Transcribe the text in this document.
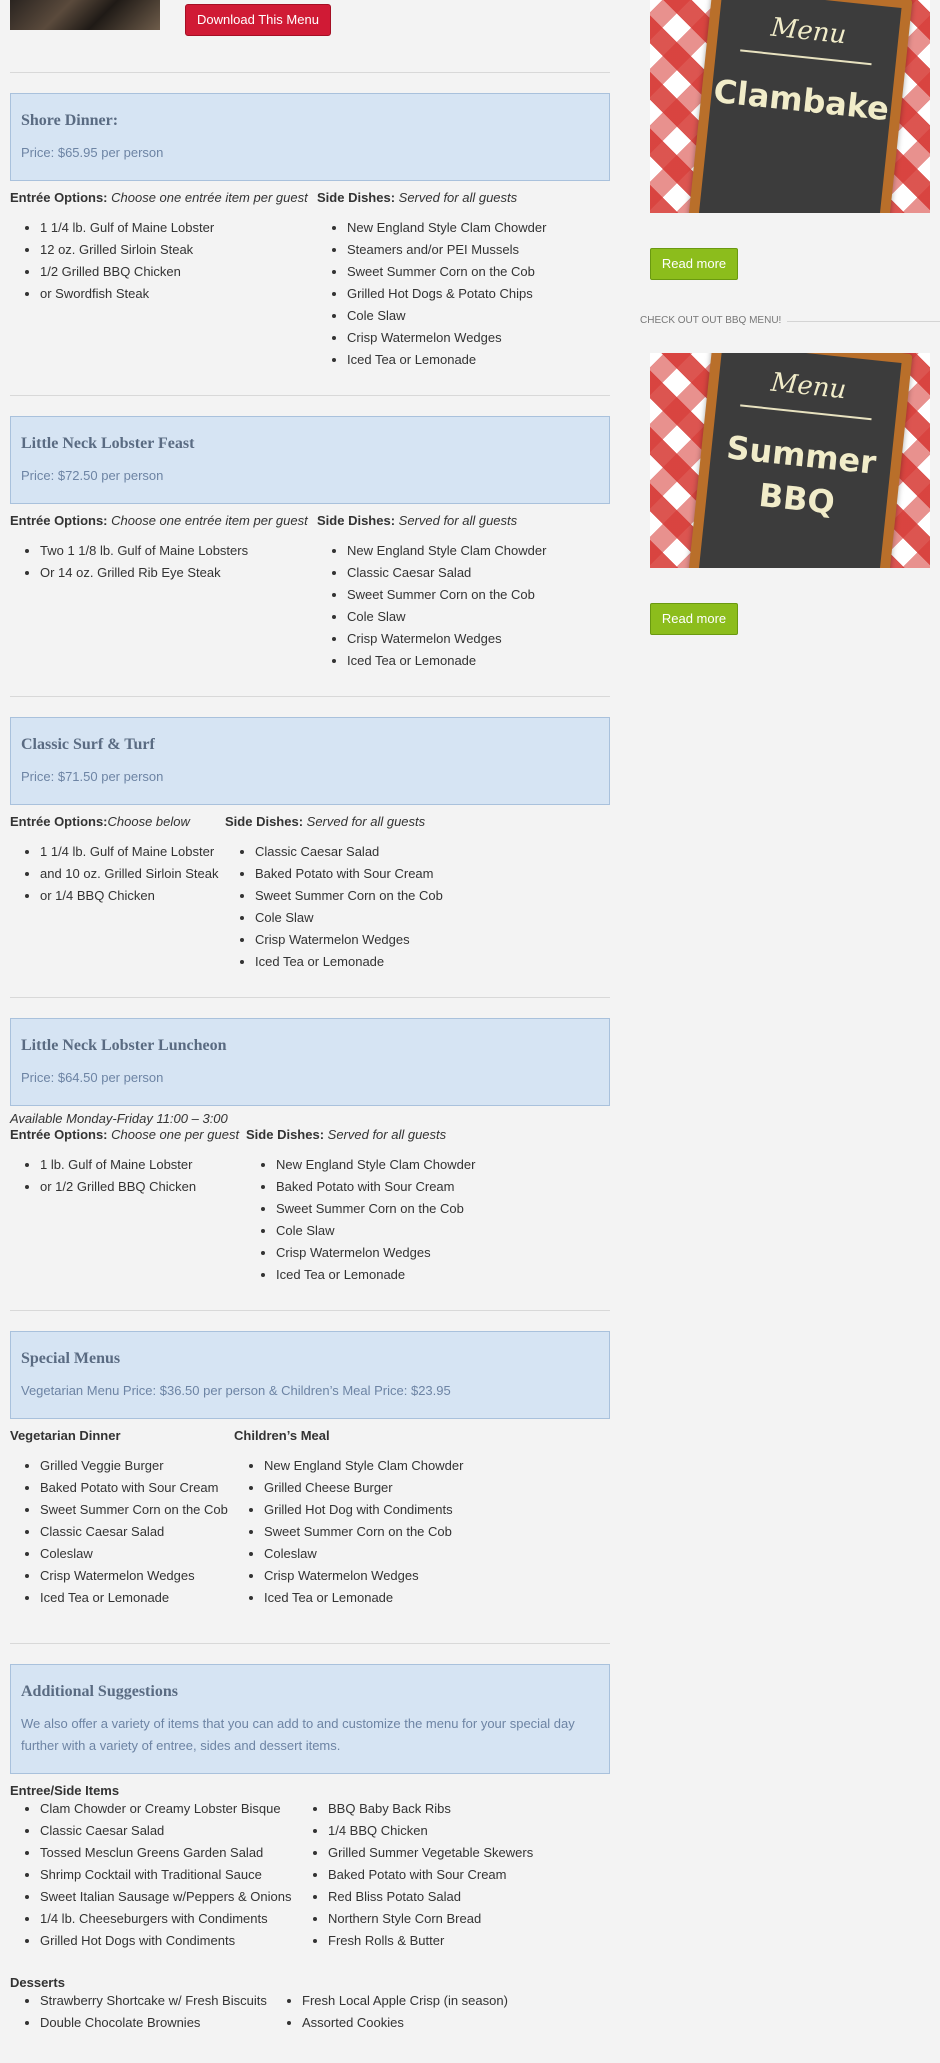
Download This Menu
Shore Dinner:

Price: $65.95 per person

Entrée Options: Choose one entrée item per guest Side Dishes: Served for all guests
• 1 1/4 lb. Gulf of Maine Lobster
• 12 oz. Grilled Sirloin Steak
• 1/2 Grilled BBQ Chicken
• or Swordfish Steak
• New England Style Clam Chowder
• Steamers and/or PEI Mussels
• Sweet Summer Corn on the Cob
• Grilled Hot Dogs & Potato Chips
• Cole Slaw
• Crisp Watermelon Wedges
• Iced Tea or Lemonade
Little Neck Lobster Feast

Price: $72.50 per person

Entrée Options: Choose one entrée item per guest Side Dishes: Served for all guests
• Two 1 1/8 lb. Gulf of Maine Lobsters
• Or 14 oz. Grilled Rib Eye Steak
• New England Style Clam Chowder
• Classic Caesar Salad
• Sweet Summer Corn on the Cob
• Cole Slaw
• Crisp Watermelon Wedges
• Iced Tea or Lemonade
Classic Surf & Turf

Price: $71.50 per person

Entrée Options:Choose below	Side Dishes: Served for all guests
• 1 1/4 lb. Gulf of Maine Lobster
• and 10 oz. Grilled Sirloin Steak
• or 1/4 BBQ Chicken
• Classic Caesar Salad
• Baked Potato with Sour Cream
• Sweet Summer Corn on the Cob
• Cole Slaw
• Crisp Watermelon Wedges
• Iced Tea or Lemonade
Little Neck Lobster Luncheon

Price: $64.50 per person

Available Monday-Friday 11:00 – 3:00
Entrée Options: Choose one per guest Side Dishes: Served for all guests
• 1 lb. Gulf of Maine Lobster
• or 1/2 Grilled BBQ Chicken
• New England Style Clam Chowder
• Baked Potato with Sour Cream
• Sweet Summer Corn on the Cob
• Cole Slaw
• Crisp Watermelon Wedges
• Iced Tea or Lemonade
Special Menus

Vegetarian Menu Price: $36.50 per person & Children’s Meal Price: $23.95

Vegetarian Dinner	Children’s Meal
• Grilled Veggie Burger
• Baked Potato with Sour Cream
• Sweet Summer Corn on the Cob
• Classic Caesar Salad
• Coleslaw
• Crisp Watermelon Wedges
• Iced Tea or Lemonade
• New England Style Clam Chowder
• Grilled Cheese Burger
• Grilled Hot Dog with Condiments
• Sweet Summer Corn on the Cob
• Coleslaw
• Crisp Watermelon Wedges
• Iced Tea or Lemonade
Additional Suggestions

We also offer a variety of items that you can add to and customize the menu for your special day further with a variety of entree, sides and dessert items.

Entree/Side Items
• Clam Chowder or Creamy Lobster Bisque
• Classic Caesar Salad
• Tossed Mesclun Greens Garden Salad
• Shrimp Cocktail with Traditional Sauce
• Sweet Italian Sausage w/Peppers & Onions
• 1/4 lb. Cheeseburgers with Condiments
• Grilled Hot Dogs with Condiments
• BBQ Baby Back Ribs
• 1/4 BBQ Chicken
• Grilled Summer Vegetable Skewers
• Baked Potato with Sour Cream
• Red Bliss Potato Salad
• Northern Style Corn Bread
• Fresh Rolls & Butter
Desserts
• Strawberry Shortcake w/ Fresh Biscuits
• Double Chocolate Brownies
• Fresh Local Apple Crisp (in season)
• Assorted Cookies
Menu
Clambake
Read more
CHECK OUT OUT BBQ MENU!
Menu
Summer
BBQ
Read more
